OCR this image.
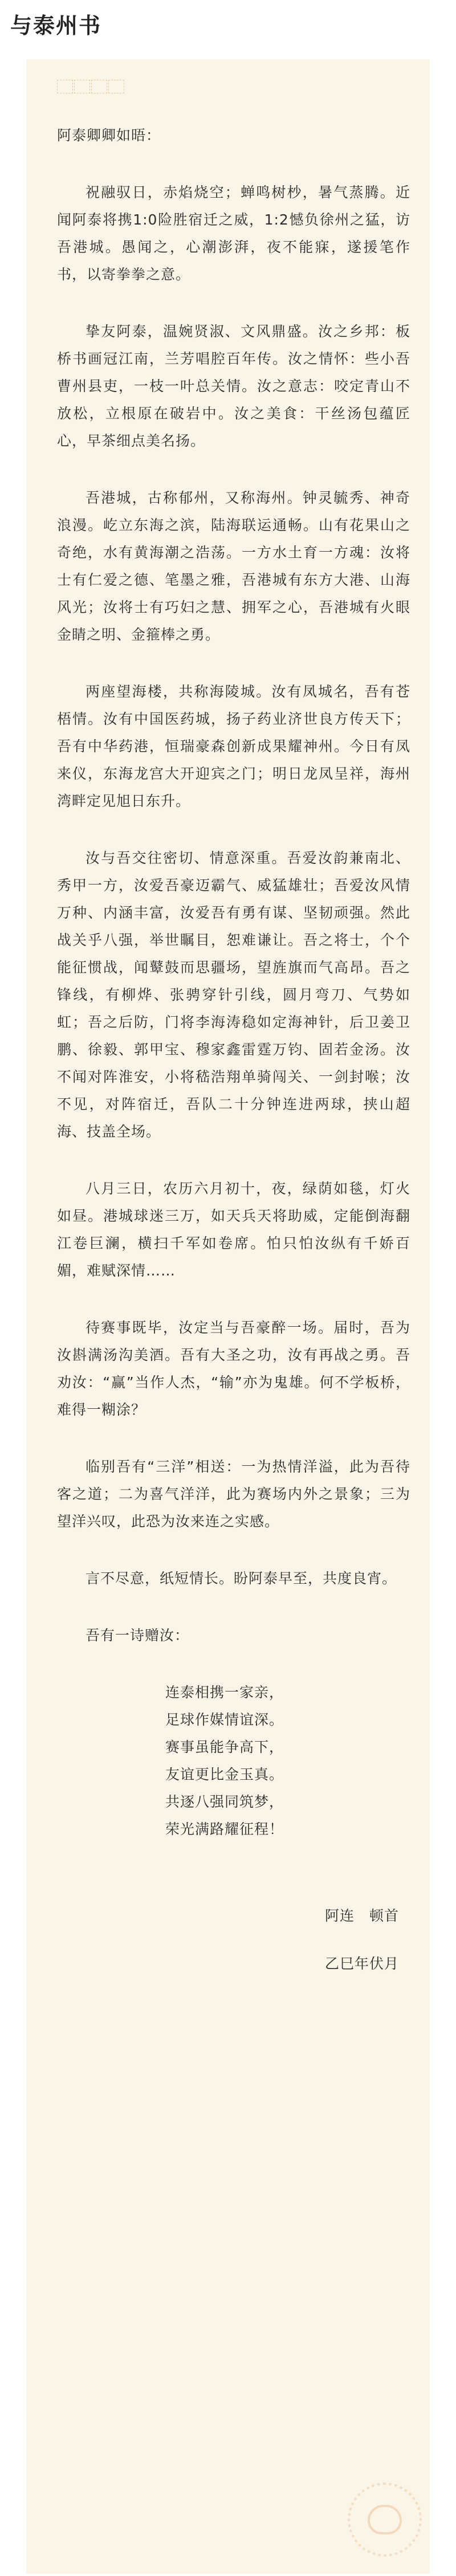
与泰州书

阿泰卿卿如晤：

祝融驭日，赤焰烧空；蝉鸣树杪，暑气蒸腾。近闻阿泰将携1:0险胜宿迁之威，1:2憾负徐州之猛，访吾港城。愚闻之，心潮澎湃，夜不能寐，遂援笔作书，以寄拳拳之意。

挚友阿泰，温婉贤淑、文风鼎盛。汝之乡邦：板桥书画冠江南，兰芳唱腔百年传。汝之情怀：些小吾曹州县吏，一枝一叶总关情。汝之意志：咬定青山不放松，立根原在破岩中。汝之美食：干丝汤包蕴匠心，早茶细点美名扬。

吾港城，古称郁州，又称海州。钟灵毓秀、神奇浪漫。屹立东海之滨，陆海联运通畅。山有花果山之奇绝，水有黄海潮之浩荡。一方水土育一方魂：汝将士有仁爱之德、笔墨之雅，吾港城有东方大港、山海风光；汝将士有巧妇之慧、拥军之心，吾港城有火眼金睛之明、金箍棒之勇。

两座望海楼，共称海陵城。汝有凤城名，吾有苍梧情。汝有中国医药城，扬子药业济世良方传天下；吾有中华药港，恒瑞豪森创新成果耀神州。今日有凤来仪，东海龙宫大开迎宾之门；明日龙凤呈祥，海州湾畔定见旭日东升。

汝与吾交往密切、情意深重。吾爱汝韵兼南北、秀甲一方，汝爱吾豪迈霸气、威猛雄壮；吾爱汝风情万种、内涵丰富，汝爱吾有勇有谋、坚韧顽强。然此战关乎八强，举世瞩目，恕难谦让。吾之将士，个个能征惯战，闻鼙鼓而思疆场，望旌旗而气高昂。吾之锋线，有柳烨、张骋穿针引线，圆月弯刀、气势如虹；吾之后防，门将李海涛稳如定海神针，后卫姜卫鹏、徐毅、郭甲宝、穆家鑫雷霆万钧、固若金汤。汝不闻对阵淮安，小将嵇浩翔单骑闯关、一剑封喉；汝不见，对阵宿迁，吾队二十分钟连进两球，挟山超海、技盖全场。

八月三日，农历六月初十，夜，绿荫如毯，灯火如昼。港城球迷三万，如天兵天将助威，定能倒海翻江卷巨澜，横扫千军如卷席。怕只怕汝纵有千娇百媚，难赋深情……

待赛事既毕，汝定当与吾豪醉一场。届时，吾为汝斟满汤沟美酒。吾有大圣之功，汝有再战之勇。吾劝汝：“赢”当作人杰，“输”亦为鬼雄。何不学板桥，难得一糊涂？

临别吾有“三洋”相送：一为热情洋溢，此为吾待客之道；二为喜气洋洋，此为赛场内外之景象；三为望洋兴叹，此恐为汝来连之实感。

言不尽意，纸短情长。盼阿泰早至，共度良宵。

吾有一诗赠汝：

连泰相携一家亲，
足球作媒情谊深。
赛事虽能争高下，
友谊更比金玉真。
共逐八强同筑梦，
荣光满路耀征程！
阿连　顿首
乙巳年伏月
